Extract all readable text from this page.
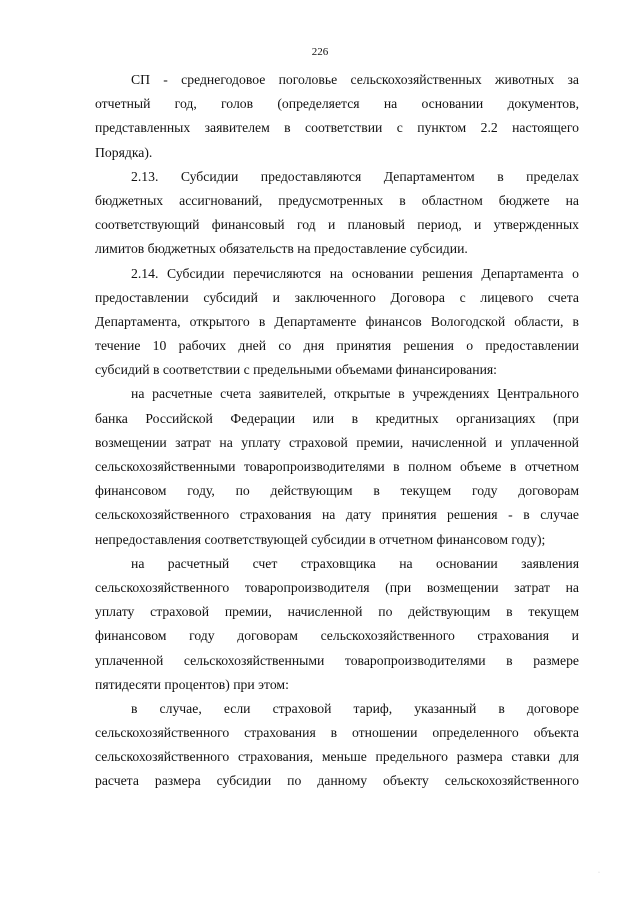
226
СП - среднегодовое поголовье сельскохозяйственных животных за
отчетный год, голов (определяется на основании документов,
представленных заявителем в соответствии с пунктом 2.2 настоящего
Порядка).
2.13. Субсидии предоставляются Департаментом в пределах
бюджетных ассигнований, предусмотренных в областном бюджете на
соответствующий финансовый год и плановый период, и утвержденных
лимитов бюджетных обязательств на предоставление субсидии.
2.14. Субсидии перечисляются на основании решения Департамента о
предоставлении субсидий и заключенного Договора с лицевого счета
Департамента, открытого в Департаменте финансов Вологодской области, в
течение 10 рабочих дней со дня принятия решения о предоставлении
субсидий в соответствии с предельными объемами финансирования:
на расчетные счета заявителей, открытые в учреждениях Центрального
банка Российской Федерации или в кредитных организациях (при
возмещении затрат на уплату страховой премии, начисленной и уплаченной
сельскохозяйственными товаропроизводителями в полном объеме в отчетном
финансовом году, по действующим в текущем году договорам
сельскохозяйственного страхования на дату принятия решения - в случае
непредоставления соответствующей субсидии в отчетном финансовом году);
на расчетный счет страховщика на основании заявления
сельскохозяйственного товаропроизводителя (при возмещении затрат на
уплату страховой премии, начисленной по действующим в текущем
финансовом году договорам сельскохозяйственного страхования и
уплаченной сельскохозяйственными товаропроизводителями в размере
пятидесяти процентов) при этом:
в случае, если страховой тариф, указанный в договоре
сельскохозяйственного страхования в отношении определенного объекта
сельскохозяйственного страхования, меньше предельного размера ставки для
расчета размера субсидии по данному объекту сельскохозяйственного
·
